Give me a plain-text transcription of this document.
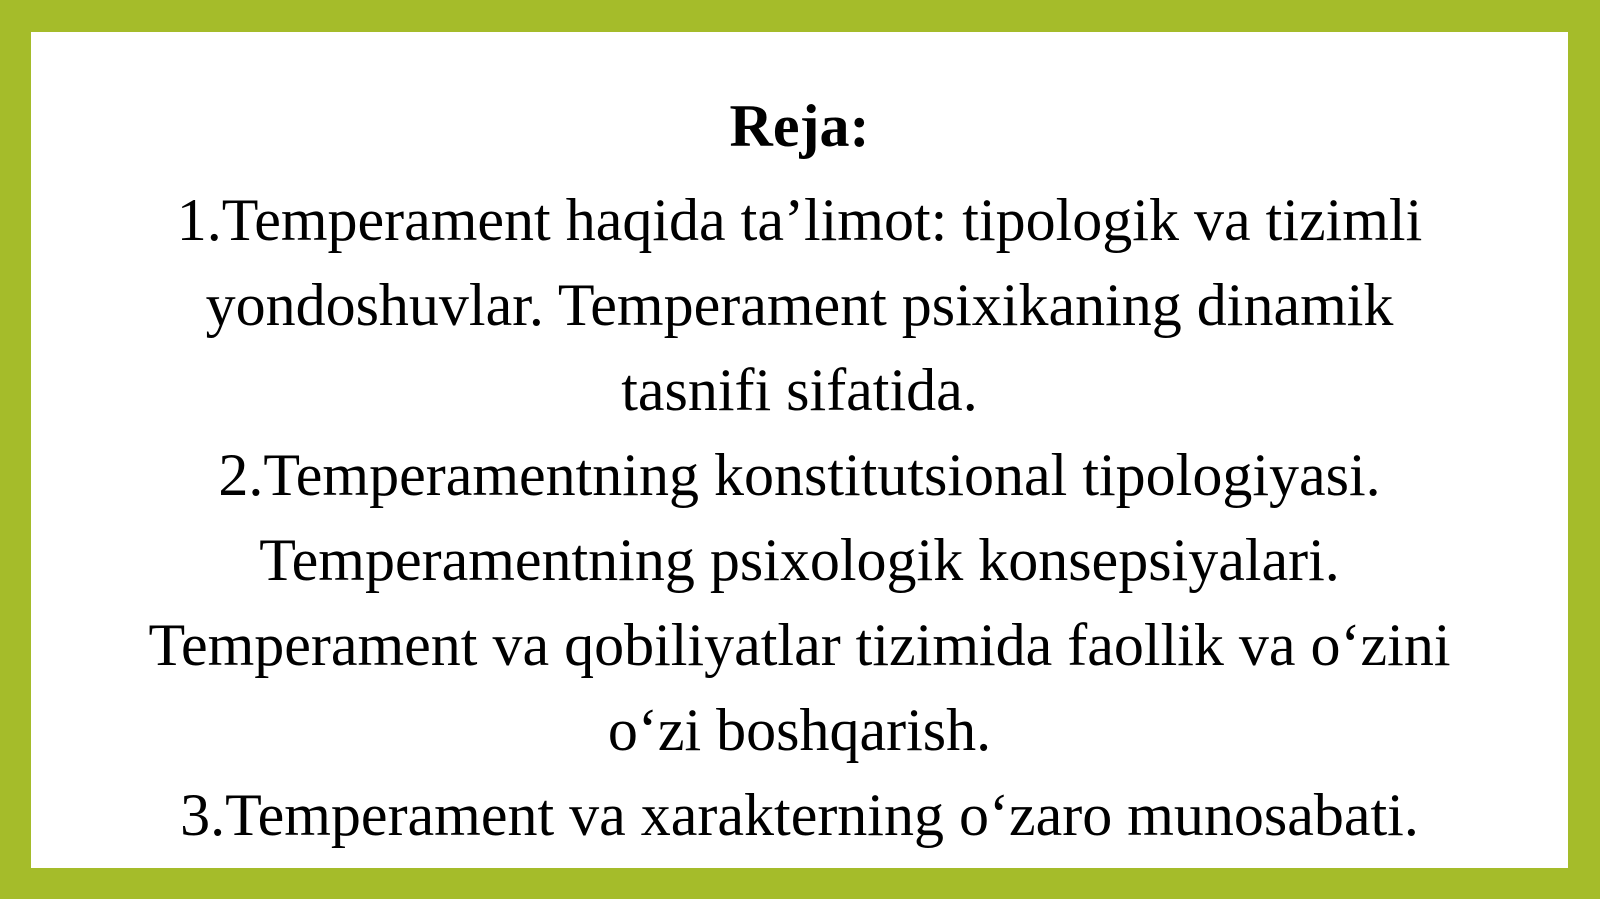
Reja:
1.Temperament haqida ta’limot: tipologik va tizimli
yondoshuvlar. Temperament psixikaning dinamik
tasnifi sifatida.
2.Temperamentning konstitutsional tipologiyasi.
Temperamentning psixologik konsepsiyalari.
Temperament va qobiliyatlar tizimida faollik va o‘zini
o‘zi boshqarish.
3.Temperament va xarakterning o‘zaro munosabati.
